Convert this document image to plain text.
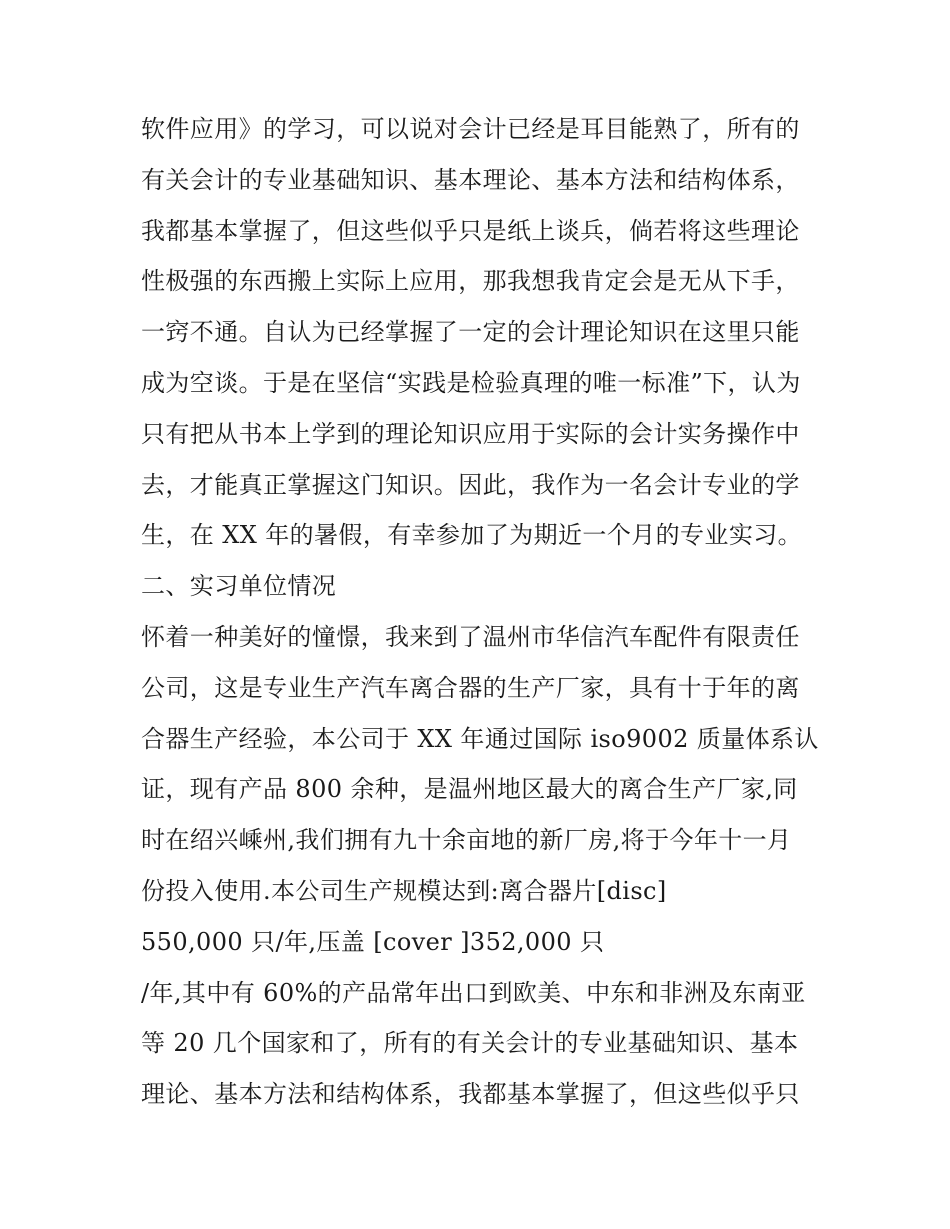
软件应用》的学习，可以说对会计已经是耳目能熟了，所有的
有关会计的专业基础知识、基本理论、基本方法和结构体系，
我都基本掌握了，但这些似乎只是纸上谈兵，倘若将这些理论
性极强的东西搬上实际上应用，那我想我肯定会是无从下手，
一窍不通。自认为已经掌握了一定的会计理论知识在这里只能
成为空谈。于是在坚信“实践是检验真理的唯一标准”下，认为
只有把从书本上学到的理论知识应用于实际的会计实务操作中
去，才能真正掌握这门知识。因此，我作为一名会计专业的学
生，在 XX 年的暑假，有幸参加了为期近一个月的专业实习。
二、实习单位情况
怀着一种美好的憧憬，我来到了温州市华信汽车配件有限责任
公司，这是专业生产汽车离合器的生产厂家，具有十于年的离
合器生产经验，本公司于 XX 年通过国际 iso9002 质量体系认
证，现有产品 800 余种，是温州地区最大的离合生产厂家,同
时在绍兴嵊州,我们拥有九十余亩地的新厂房,将于今年十一月
份投入使用.本公司生产规模达到:离合器片[disc]
550,000 只/年,压盖 [cover ]352,000 只
/年,其中有 60%的产品常年出口到欧美、中东和非洲及东南亚
等 20 几个国家和了，所有的有关会计的专业基础知识、基本
理论、基本方法和结构体系，我都基本掌握了，但这些似乎只
